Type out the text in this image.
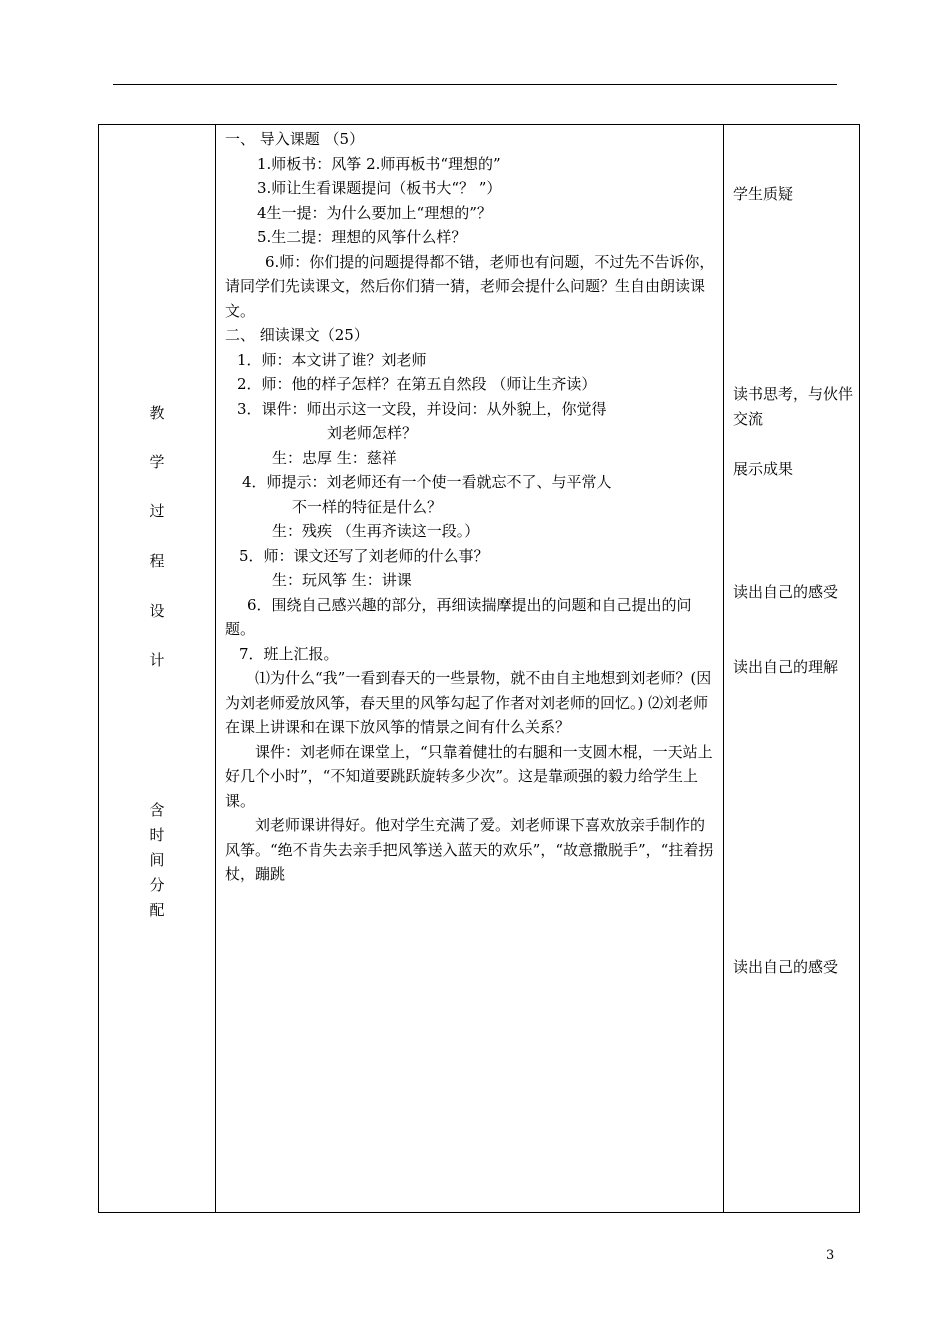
教
学
过
程
设
计
含
时
间
分
配

一、 导入课题 （5）

1.师板书：风筝 2.师再板书“理想的”

3.师让生看课题提问（板书大“？ ”）

4生一提：为什么要加上“理想的”？

5.生二提：理想的风筝什么样？

6.师：你们提的问题提得都不错，老师也有问题，不过先不告诉你，请同学们先读课文，然后你们猜一猜，老师会提什么问题？生自由朗读课文。

二、 细读课文（25）

1．师：本文讲了谁？刘老师

2．师：他的样子怎样？在第五自然段 （师让生齐读）

3．课件：师出示这一文段，并设问：从外貌上，你觉得

刘老师怎样？

生：忠厚 生：慈祥

4．师提示：刘老师还有一个使一看就忘不了、与平常人

不一样的特征是什么？

生：残疾 （生再齐读这一段。）

5．师：课文还写了刘老师的什么事？

生：玩风筝 生：讲课

6．围绕自己感兴趣的部分，再细读揣摩提出的问题和自己提出的问题。

7．班上汇报。

⑴为什么“我”一看到春天的一些景物，就不由自主地想到刘老师？(因为刘老师爱放风筝，春天里的风筝勾起了作者对刘老师的回忆。) ⑵刘老师在课上讲课和在课下放风筝的情景之间有什么关系？

课件：刘老师在课堂上，“只靠着健壮的右腿和一支圆木棍，一天站上好几个小时”，“不知道要跳跃旋转多少次”。这是靠顽强的毅力给学生上课。

刘老师课讲得好。他对学生充满了爱。刘老师课下喜欢放亲手制作的风筝。“绝不肯失去亲手把风筝送入蓝天的欢乐”，“故意撒脱手”，“拄着拐杖，蹦跳

学生质疑
读书思考，与伙伴交流
展示成果
读出自己的感受
读出自己的理解
读出自己的感受
3
